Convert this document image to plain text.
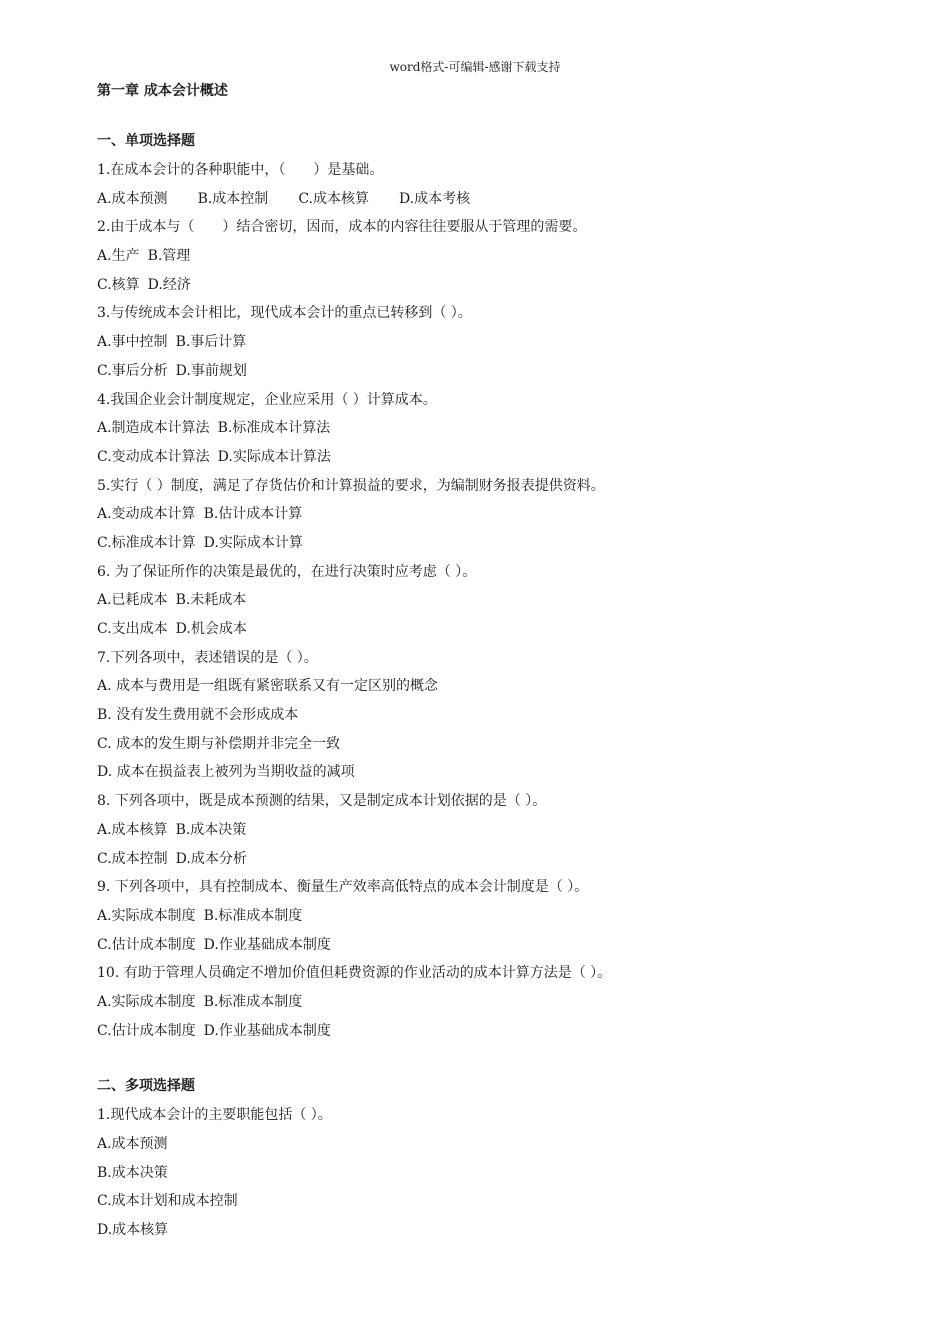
word格式-可编辑-感谢下载支持
第一章 成本会计概述
一、单项选择题
1.在成本会计的各种职能中，（　　）是基础。
A.成本预测 B.成本控制 C.成本核算 D.成本考核
2.由于成本与（　　）结合密切，因而，成本的内容往往要服从于管理的需要。
A.生产 B.管理
C.核算 D.经济
3.与传统成本会计相比，现代成本会计的重点已转移到（ ）。
A.事中控制 B.事后计算
C.事后分析 D.事前规划
4.我国企业会计制度规定，企业应采用（ ）计算成本。
A.制造成本计算法 B.标准成本计算法
C.变动成本计算法 D.实际成本计算法
5.实行（ ）制度，满足了存货估价和计算损益的要求，为编制财务报表提供资料。
A.变动成本计算 B.估计成本计算
C.标准成本计算 D.实际成本计算
6. 为了保证所作的决策是最优的，在进行决策时应考虑（ ）。
A.已耗成本 B.未耗成本
C.支出成本 D.机会成本
7.下列各项中，表述错误的是（ ）。
A. 成本与费用是一组既有紧密联系又有一定区别的概念
B. 没有发生费用就不会形成成本
C. 成本的发生期与补偿期并非完全一致
D. 成本在损益表上被列为当期收益的减项
8. 下列各项中，既是成本预测的结果，又是制定成本计划依据的是（ ）。
A.成本核算 B.成本决策
C.成本控制 D.成本分析
9. 下列各项中，具有控制成本、衡量生产效率高低特点的成本会计制度是（ ）。
A.实际成本制度 B.标准成本制度
C.估计成本制度 D.作业基础成本制度
10. 有助于管理人员确定不增加价值但耗费资源的作业活动的成本计算方法是（ ）。
A.实际成本制度 B.标准成本制度
C.估计成本制度 D.作业基础成本制度
二、多项选择题
1.现代成本会计的主要职能包括（ ）。
A.成本预测
B.成本决策
C.成本计划和成本控制
D.成本核算
